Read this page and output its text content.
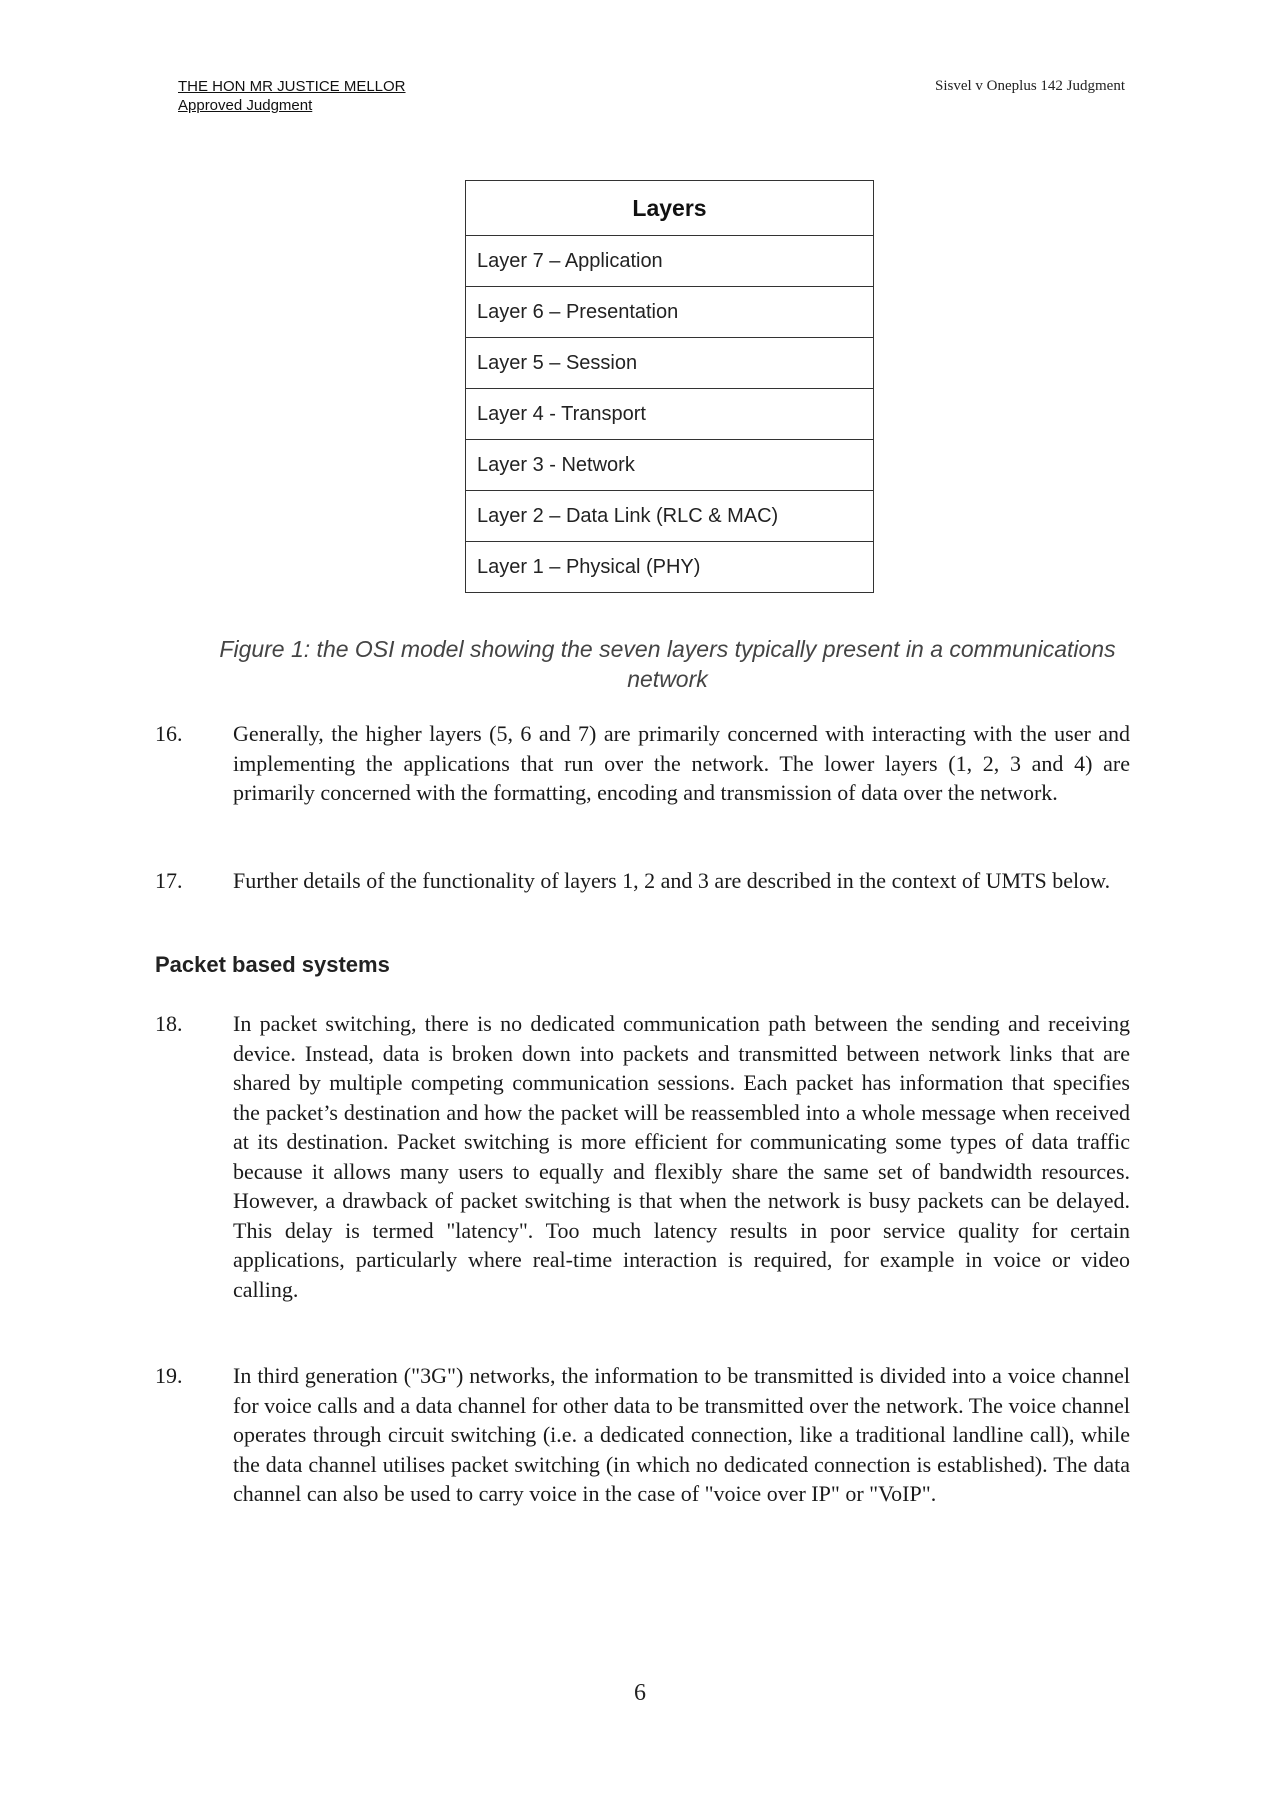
THE HON MR JUSTICE MELLOR
Approved Judgment
Sisvel v Oneplus 142 Judgment
Layers
Layer 7 – Application
Layer 6 – Presentation
Layer 5 – Session
Layer 4 - Transport
Layer 3 - Network
Layer 2 – Data Link (RLC & MAC)
Layer 1 – Physical (PHY)
Figure 1: the OSI model showing the seven layers typically present in a communications network
16. Generally, the higher layers (5, 6 and 7) are primarily concerned with interacting with the user and implementing the applications that run over the network. The lower layers (1, 2, 3 and 4) are primarily concerned with the formatting, encoding and transmission of data over the network.
17. Further details of the functionality of layers 1, 2 and 3 are described in the context of UMTS below.
Packet based systems
18. In packet switching, there is no dedicated communication path between the sending and receiving device. Instead, data is broken down into packets and transmitted between network links that are shared by multiple competing communication sessions. Each packet has information that specifies the packet’s destination and how the packet will be reassembled into a whole message when received at its destination. Packet switching is more efficient for communicating some types of data traffic because it allows many users to equally and flexibly share the same set of bandwidth resources. However, a drawback of packet switching is that when the network is busy packets can be delayed. This delay is termed "latency". Too much latency results in poor service quality for certain applications, particularly where real-time interaction is required, for example in voice or video calling.
19. In third generation ("3G") networks, the information to be transmitted is divided into a voice channel for voice calls and a data channel for other data to be transmitted over the network. The voice channel operates through circuit switching (i.e. a dedicated connection, like a traditional landline call), while the data channel utilises packet switching (in which no dedicated connection is established). The data channel can also be used to carry voice in the case of "voice over IP" or "VoIP".
6
